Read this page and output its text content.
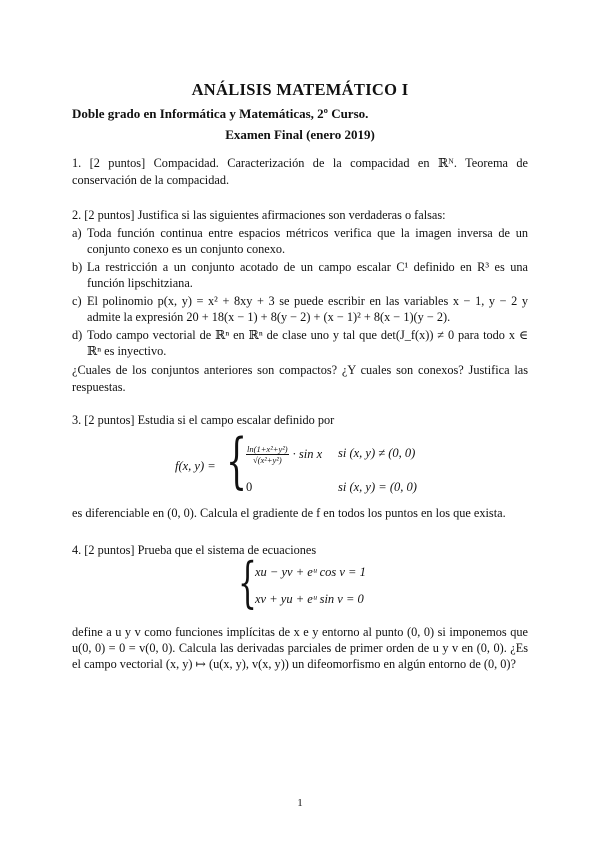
ANÁLISIS MATEMÁTICO I
Doble grado en Informática y Matemáticas, 2º Curso.
Examen Final (enero 2019)
1. [2 puntos] Compacidad. Caracterización de la compacidad en ℝᴺ. Teorema de conservación de la compacidad.
2. [2 puntos] Justifica si las siguientes afirmaciones son verdaderas o falsas:
a) Toda función continua entre espacios métricos verifica que la imagen inversa de un conjunto conexo es un conjunto conexo.
b) La restricción a un conjunto acotado de un campo escalar C¹ definido en R³ es una función lipschitziana.
c) El polinomio p(x, y) = x² + 8xy + 3 se puede escribir en las variables x − 1, y − 2 y admite la expresión 20 + 18(x − 1) + 8(y − 2) + (x − 1)² + 8(x − 1)(y − 2).
d) Todo campo vectorial de ℝⁿ en ℝⁿ de clase uno y tal que det(J_f(x)) ≠ 0 para todo x ∈ ℝⁿ es inyectivo.
¿Cuales de los conjuntos anteriores son compactos? ¿Y cuales son conexos? Justifica las respuestas.
3. [2 puntos] Estudia si el campo escalar definido por
f(x, y) = {
$\frac{\text{ln(1+x²+y²)}}{\text{√(x²+y²)}} \cdot \sin x$ si (x, y) ≠ (0, 0)
0	si (x, y) = (0, 0)
es diferenciable en (0, 0). Calcula el gradiente de f en todos los puntos en los que exista.
4. [2 puntos] Prueba que el sistema de ecuaciones
{
xu − yv + eᵘ cos v = 1
xv + yu + eᵘ sin v = 0
define a u y v como funciones implícitas de x e y entorno al punto (0, 0) si imponemos que u(0, 0) = 0 = v(0, 0). Calcula las derivadas parciales de primer orden de u y v en (0, 0). ¿Es el campo vectorial (x, y) ↦ (u(x, y), v(x, y)) un difeomorfismo en algún entorno de (0, 0)?
1
